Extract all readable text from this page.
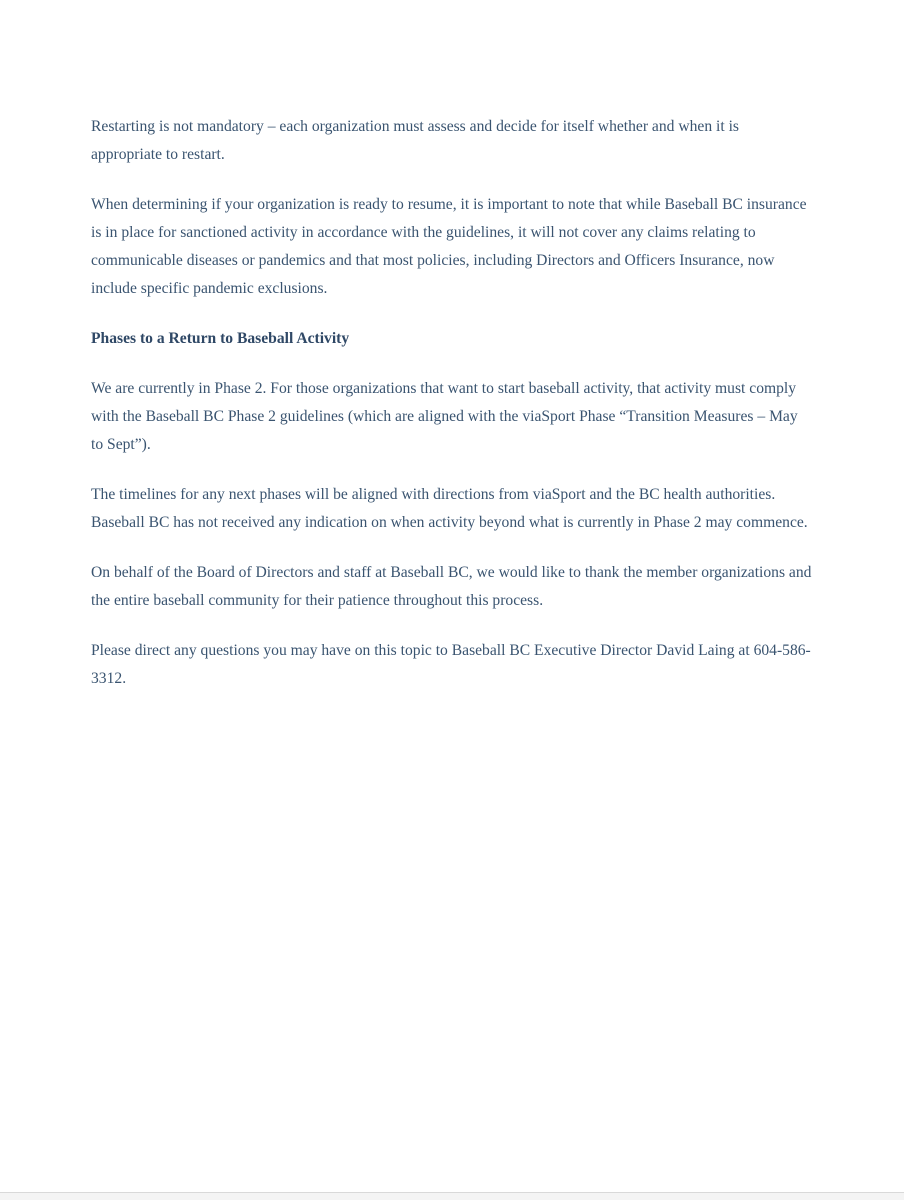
Restarting is not mandatory – each organization must assess and decide for itself whether and when it is appropriate to restart.

When determining if your organization is ready to resume, it is important to note that while Baseball BC insurance is in place for sanctioned activity in accordance with the guidelines, it will not cover any claims relating to communicable diseases or pandemics and that most policies, including Directors and Officers Insurance, now include specific pandemic exclusions.

Phases to a Return to Baseball Activity

We are currently in Phase 2. For those organizations that want to start baseball activity, that activity must comply with the Baseball BC Phase 2 guidelines (which are aligned with the viaSport Phase “Transition Measures – May to Sept”).

The timelines for any next phases will be aligned with directions from viaSport and the BC health authorities. Baseball BC has not received any indication on when activity beyond what is currently in Phase 2 may commence.

On behalf of the Board of Directors and staff at Baseball BC, we would like to thank the member organizations and the entire baseball community for their patience throughout this process.

Please direct any questions you may have on this topic to Baseball BC Executive Director David Laing at 604-586-3312.
